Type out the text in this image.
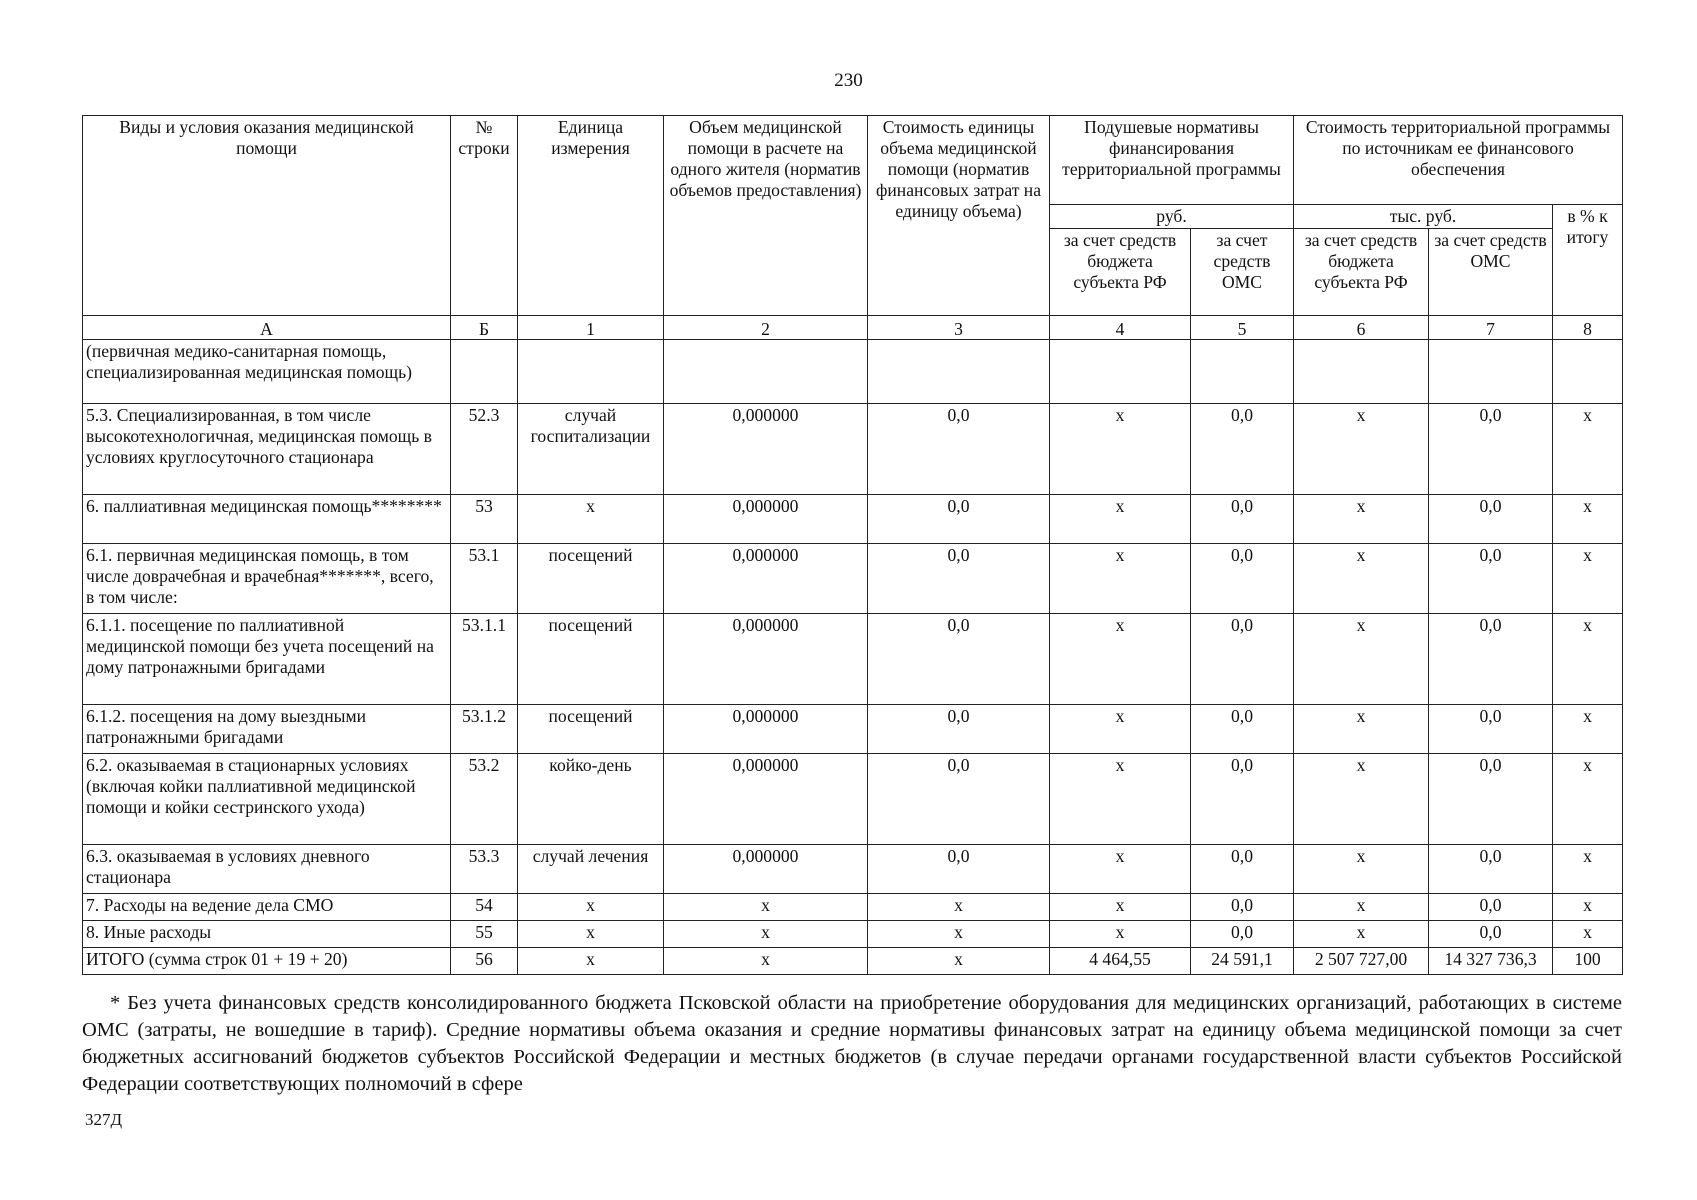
230
Виды и условия оказания медицинской помощи	№ строки	Единица измерения	Объем медицинской помощи в расчете на одного жителя (норматив объемов предоставления)	Стоимость единицы объема медицинской помощи (норматив финансовых затрат на единицу объема)	Подушевые нормативы финансирования территориальной программы		Стоимость территориальной программы по источникам ее финансового обеспечения		
					руб.		тыс. руб.		в % к итогу
					за счет средств бюджета субъекта РФ	за счет средств ОМС	за счет средств бюджета субъекта РФ	за счет средств ОМС	
А	Б	1	2	3	4	5	6	7	8
(первичная медико-санитарная помощь, специализированная медицинская помощь)									
5.3. Специализированная, в том числе высокотехнологичная, медицинская помощь в условиях круглосуточного стационара	52.3	случай госпитализации	0,000000	0,0	х	0,0	х	0,0	х
6. паллиативная медицинская помощь********	53	х	0,000000	0,0	х	0,0	х	0,0	х
6.1. первичная медицинская помощь, в том числе доврачебная и врачебная*******, всего, в том числе:	53.1	посещений	0,000000	0,0	х	0,0	х	0,0	х
6.1.1. посещение по паллиативной медицинской помощи без учета посещений на дому патронажными бригадами	53.1.1	посещений	0,000000	0,0	х	0,0	х	0,0	х
6.1.2. посещения на дому выездными патронажными бригадами	53.1.2	посещений	0,000000	0,0	х	0,0	х	0,0	х
6.2. оказываемая в стационарных условиях (включая койки паллиативной медицинской помощи и койки сестринского ухода)	53.2	койко-день	0,000000	0,0	х	0,0	х	0,0	х
6.3. оказываемая в условиях дневного стационара	53.3	случай лечения	0,000000	0,0	х	0,0	х	0,0	х
7. Расходы на ведение дела СМО	54	х	х	х	х	0,0	х	0,0	х
8. Иные расходы	55	х	х	х	х	0,0	х	0,0	х
ИТОГО (сумма строк 01 + 19 + 20)	56	х	х	х	4 464,55	24 591,1	2 507 727,00	14 327 736,3	100
* Без учета финансовых средств консолидированного бюджета Псковской области на приобретение оборудования для медицинских организаций, работающих в системе ОМС (затраты, не вошедшие в тариф). Средние нормативы объема оказания и средние нормативы финансовых затрат на единицу объема медицинской помощи за счет бюджетных ассигнований бюджетов субъектов Российской Федерации и местных бюджетов (в случае передачи органами государственной власти субъектов Российской Федерации соответствующих полномочий в сфере
327Д
